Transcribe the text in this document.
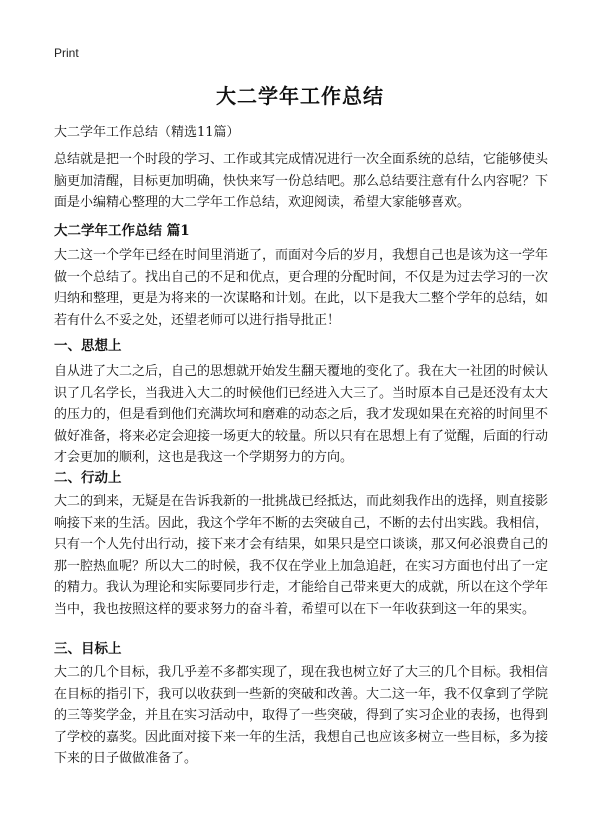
Print
大二学年工作总结

大二学年工作总结（精选11篇）

总结就是把一个时段的学习、工作或其完成情况进行一次全面系统的总结，它能够使头脑更加清醒，目标更加明确，快快来写一份总结吧。那么总结要注意有什么内容呢？下面是小编精心整理的大二学年工作总结，欢迎阅读，希望大家能够喜欢。

大二学年工作总结 篇1

大二这一个学年已经在时间里消逝了，而面对今后的岁月，我想自己也是该为这一学年做一个总结了。找出自己的不足和优点，更合理的分配时间，不仅是为过去学习的一次归纳和整理，更是为将来的一次谋略和计划。在此，以下是我大二整个学年的总结，如若有什么不妥之处，还望老师可以进行指导批正！

一、思想上

自从进了大二之后，自己的思想就开始发生翻天覆地的变化了。我在大一社团的时候认识了几名学长，当我进入大二的时候他们已经进入大三了。当时原本自己是还没有太大的压力的，但是看到他们充满坎坷和磨难的动态之后，我才发现如果在充裕的时间里不做好准备，将来必定会迎接一场更大的较量。所以只有在思想上有了觉醒，后面的行动才会更加的顺利，这也是我这一个学期努力的方向。

二、行动上

大二的到来，无疑是在告诉我新的一批挑战已经抵达，而此刻我作出的选择，则直接影响接下来的生活。因此，我这个学年不断的去突破自己，不断的去付出实践。我相信，只有一个人先付出行动，接下来才会有结果，如果只是空口谈谈，那又何必浪费自己的那一腔热血呢？所以大二的时候，我不仅在学业上加急追赶，在实习方面也付出了一定的精力。我认为理论和实际要同步行走，才能给自己带来更大的成就，所以在这个学年当中，我也按照这样的要求努力的奋斗着，希望可以在下一年收获到这一年的果实。

三、目标上

大二的几个目标，我几乎差不多都实现了，现在我也树立好了大三的几个目标。我相信在目标的指引下，我可以收获到一些新的突破和改善。大二这一年，我不仅拿到了学院的三等奖学金，并且在实习活动中，取得了一些突破，得到了实习企业的表扬，也得到了学校的嘉奖。因此面对接下来一年的生活，我想自己也应该多树立一些目标，多为接下来的日子做做准备了。
